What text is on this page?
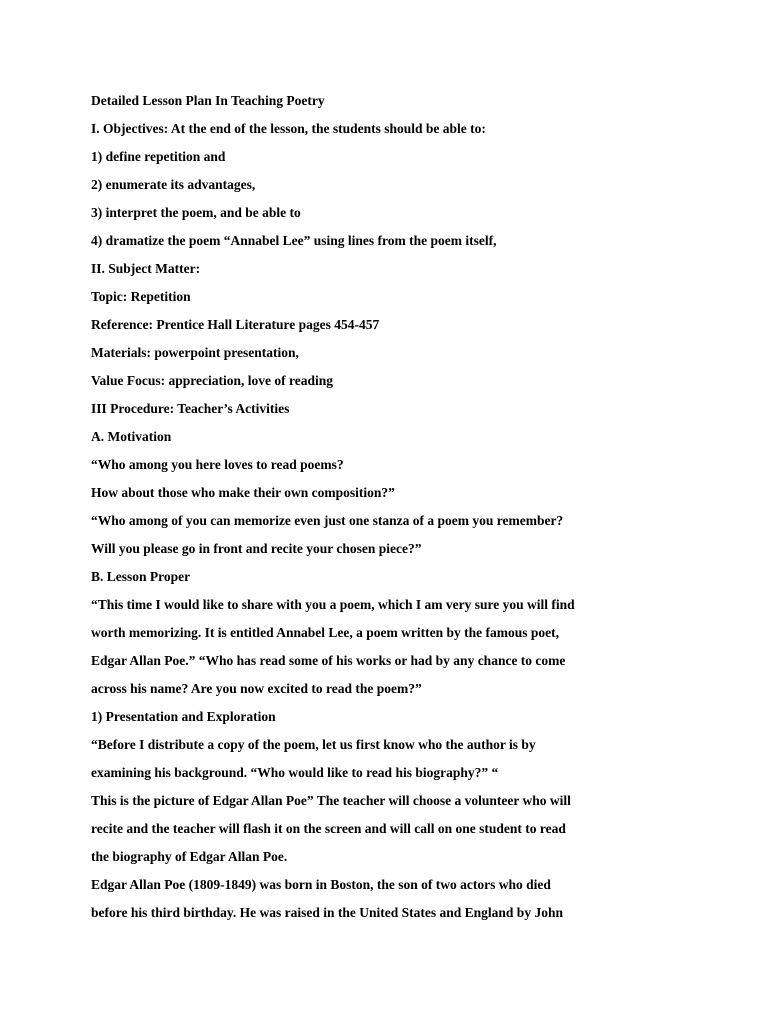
Detailed Lesson Plan In Teaching Poetry
I. Objectives: At the end of the lesson, the students should be able to:
1) define repetition and
2) enumerate its advantages,
3) interpret the poem, and be able to
4) dramatize the poem “Annabel Lee” using lines from the poem itself,
II. Subject Matter:
Topic: Repetition
Reference: Prentice Hall Literature pages 454-457
Materials: powerpoint presentation,
Value Focus: appreciation, love of reading
III Procedure: Teacher’s Activities
A. Motivation
“Who among you here loves to read poems?
How about those who make their own composition?”
“Who among of you can memorize even just one stanza of a poem you remember?
Will you please go in front and recite your chosen piece?”
B. Lesson Proper
“This time I would like to share with you a poem, which I am very sure you will find
worth memorizing. It is entitled Annabel Lee, a poem written by the famous poet,
Edgar Allan Poe.” “Who has read some of his works or had by any chance to come
across his name? Are you now excited to read the poem?”
1) Presentation and Exploration
“Before I distribute a copy of the poem, let us first know who the author is by
examining his background. “Who would like to read his biography?” “
This is the picture of Edgar Allan Poe” The teacher will choose a volunteer who will
recite and the teacher will flash it on the screen and will call on one student to read
the biography of Edgar Allan Poe.
Edgar Allan Poe (1809-1849) was born in Boston, the son of two actors who died
before his third birthday. He was raised in the United States and England by John
